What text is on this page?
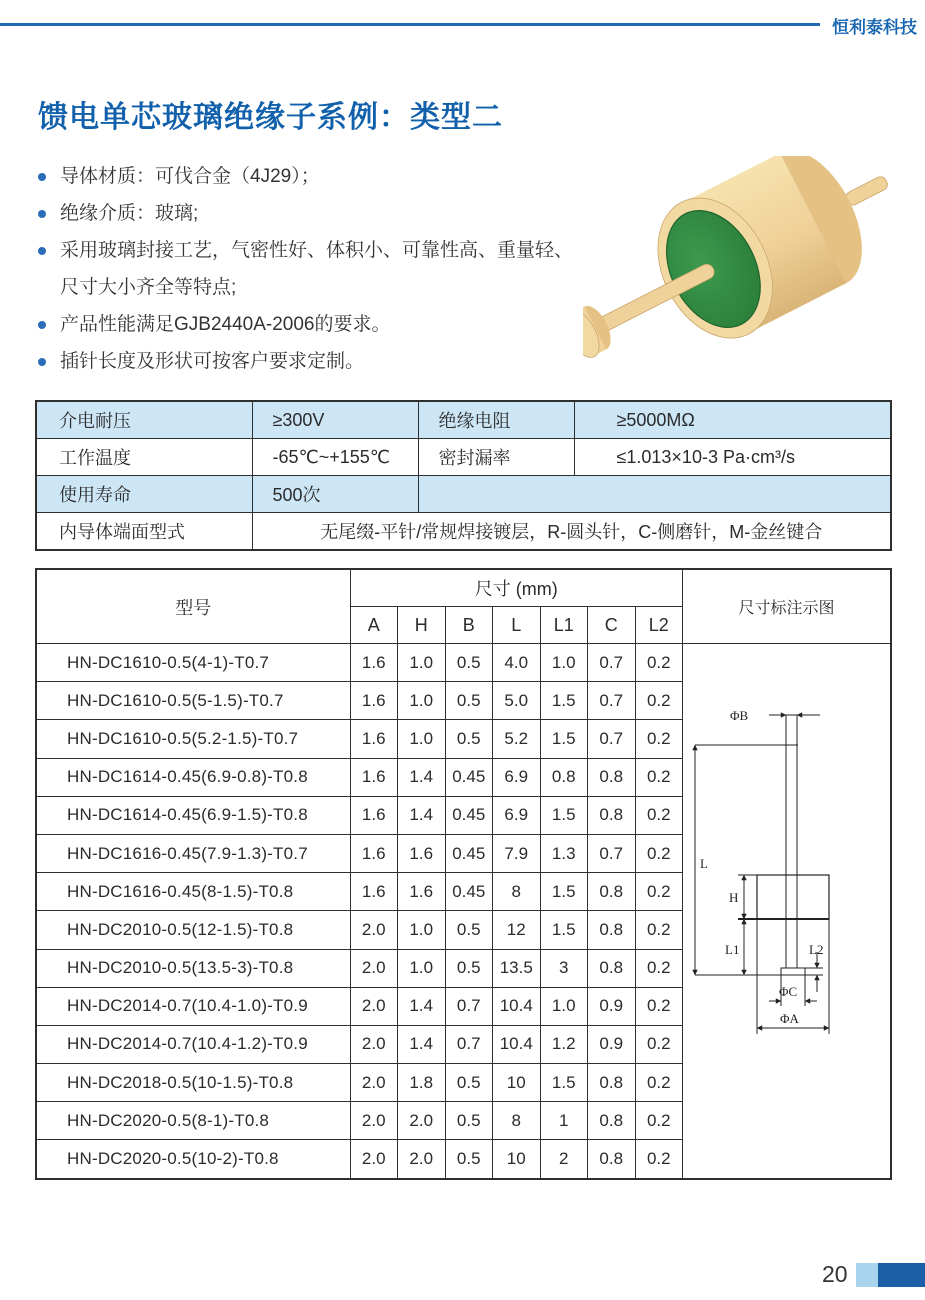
恒利泰科技
馈电单芯玻璃绝缘子系例：类型二
导体材质：可伐合金（4J29）；
绝缘介质：玻璃;
采用玻璃封接工艺，气密性好、体积小、可靠性高、重量轻、尺寸大小齐全等特点;
产品性能满足GJB2440A-2006的要求。
插针长度及形状可按客户要求定制。
介电耐压	≥300V	绝缘电阻	≥5000MΩ
工作温度	-65℃~+155℃	密封漏率	≤1.013×10-3 Pa·cm³/s
使用寿命	500次		
内导体端面型式	无尾缀-平针/常规焊接镀层，R-圆头针，C-侧磨针，M-金丝键合		
型号	尺寸 (mm)							尺寸标注示图
	A	H	B	L	L1	C	L2	
HN-DC1610-0.5(4-1)-T0.7	1.6	1.0	0.5	4.0	1.0	0.7	0.2	
ΦB
L
H
L1	L2
ΦC
ΦA

HN-DC1610-0.5(5-1.5)-T0.7	1.6	1.0	0.5	5.0	1.5	0.7	0.2	
HN-DC1610-0.5(5.2-1.5)-T0.7	1.6	1.0	0.5	5.2	1.5	0.7	0.2	
HN-DC1614-0.45(6.9-0.8)-T0.8	1.6	1.4	0.45	6.9	0.8	0.8	0.2	
HN-DC1614-0.45(6.9-1.5)-T0.8	1.6	1.4	0.45	6.9	1.5	0.8	0.2	
HN-DC1616-0.45(7.9-1.3)-T0.7	1.6	1.6	0.45	7.9	1.3	0.7	0.2	
HN-DC1616-0.45(8-1.5)-T0.8	1.6	1.6	0.45	8	1.5	0.8	0.2	
HN-DC2010-0.5(12-1.5)-T0.8	2.0	1.0	0.5	12	1.5	0.8	0.2	
HN-DC2010-0.5(13.5-3)-T0.8	2.0	1.0	0.5	13.5	3	0.8	0.2	
HN-DC2014-0.7(10.4-1.0)-T0.9	2.0	1.4	0.7	10.4	1.0	0.9	0.2	
HN-DC2014-0.7(10.4-1.2)-T0.9	2.0	1.4	0.7	10.4	1.2	0.9	0.2	
HN-DC2018-0.5(10-1.5)-T0.8	2.0	1.8	0.5	10	1.5	0.8	0.2	
HN-DC2020-0.5(8-1)-T0.8	2.0	2.0	0.5	8	1	0.8	0.2	
HN-DC2020-0.5(10-2)-T0.8	2.0	2.0	0.5	10	2	0.8	0.2	
20
